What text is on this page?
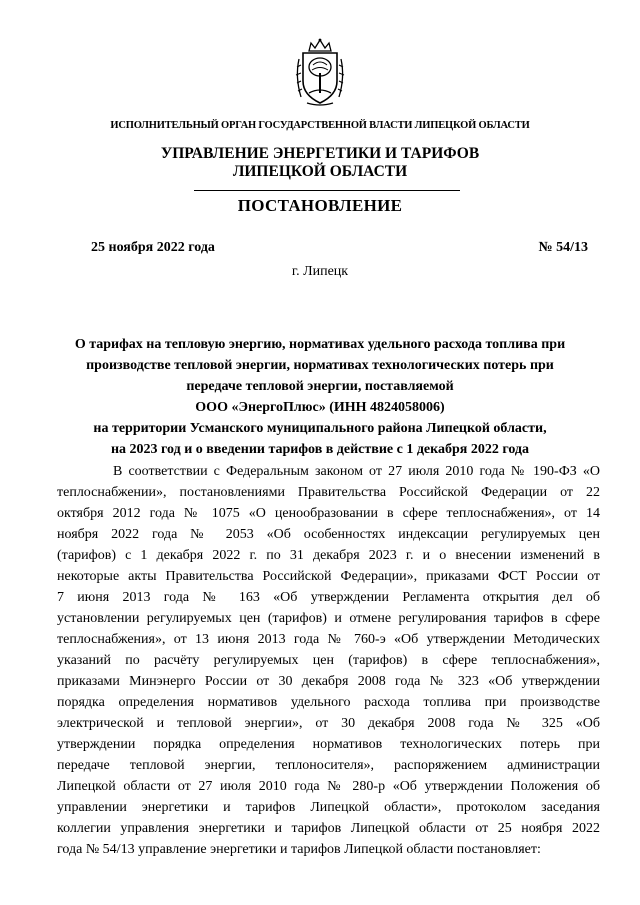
ИСПОЛНИТЕЛЬНЫЙ ОРГАН ГОСУДАРСТВЕННОЙ ВЛАСТИ ЛИПЕЦКОЙ ОБЛАСТИ
УПРАВЛЕНИЕ ЭНЕРГЕТИКИ И ТАРИФОВ
ЛИПЕЦКОЙ ОБЛАСТИ
ПОСТАНОВЛЕНИЕ
25 ноября 2022 года	№ 54/13
г. Липецк
О тарифах на тепловую энергию, нормативах удельного расхода топлива при
производстве тепловой энергии, нормативах технологических потерь при
передаче тепловой энергии, поставляемой
ООО «ЭнергоПлюс» (ИНН 4824058006)
на территории Усманского муниципального района Липецкой области,
на 2023 год и о введении тарифов в действие с 1 декабря 2022 года
В соответствии с Федеральным законом от 27 июля 2010 года № 190-ФЗ «О
теплоснабжении», постановлениями Правительства Российской Федерации от 22
октября 2012 года № 1075 «О ценообразовании в сфере теплоснабжения», от 14
ноября 2022 года № 2053 «Об особенностях индексации регулируемых цен
(тарифов) с 1 декабря 2022 г. по 31 декабря 2023 г. и о внесении изменений в
некоторые акты Правительства Российской Федерации», приказами ФСТ России от
7 июня 2013 года № 163 «Об утверждении Регламента открытия дел об
установлении регулируемых цен (тарифов) и отмене регулирования тарифов в сфере
теплоснабжения», от 13 июня 2013 года № 760-э «Об утверждении Методических
указаний по расчёту регулируемых цен (тарифов) в сфере теплоснабжения»,
приказами Минэнерго России от 30 декабря 2008 года № 323 «Об утверждении
порядка определения нормативов удельного расхода топлива при производстве
электрической и тепловой энергии», от 30 декабря 2008 года № 325 «Об
утверждении порядка определения нормативов технологических потерь при
передаче тепловой энергии, теплоносителя», распоряжением администрации
Липецкой области от 27 июля 2010 года № 280-р «Об утверждении Положения об
управлении энергетики и тарифов Липецкой области», протоколом заседания
коллегии управления энергетики и тарифов Липецкой области от 25 ноября 2022
года № 54/13 управление энергетики и тарифов Липецкой области постановляет:
